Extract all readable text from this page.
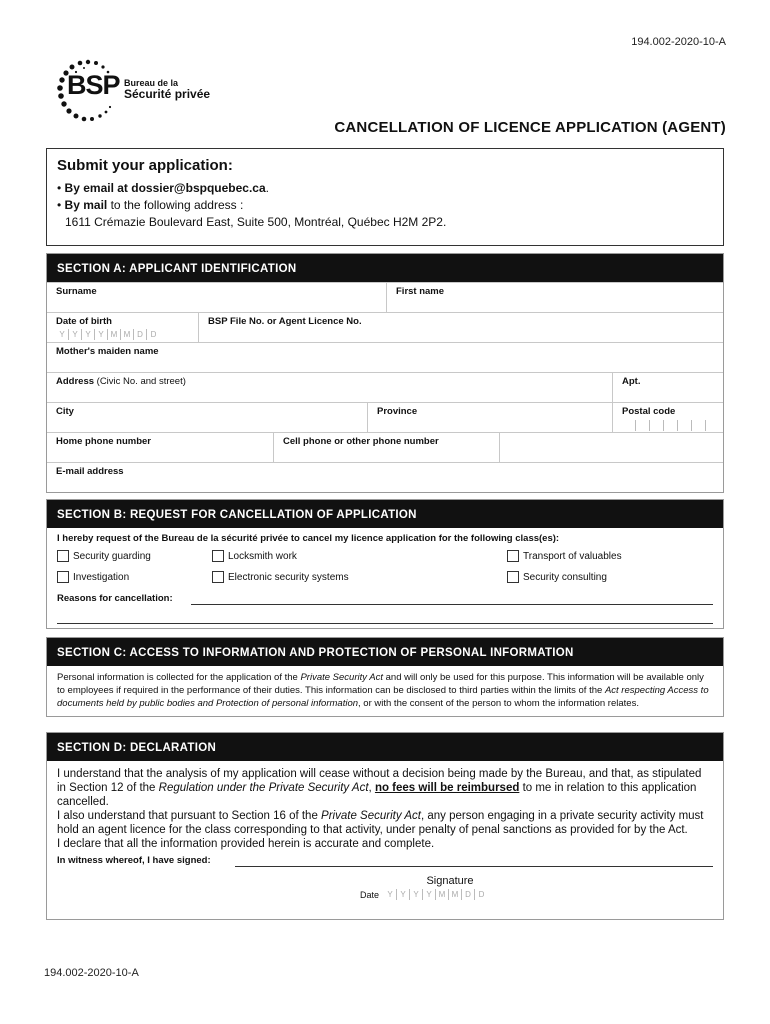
194.002-2020-10-A
BSP Bureau de la
Sécurité privée
CANCELLATION OF LICENCE APPLICATION (AGENT)
Submit your application:
• By email at dossier@bspquebec.ca.
• By mail to the following address :
1611 Crémazie Boulevard East, Suite 500, Montréal, Québec H2M 2P2.
SECTION A: APPLICANT IDENTIFICATION
Surname	First name
Date of birth
Y Y Y Y M M D D
BSP File No. or Agent Licence No.
Mother's maiden name
Address (Civic No. and street)	Apt.
City	Province	Postal code
Home phone number	Cell phone or other phone number
E-mail address
SECTION B: REQUEST FOR CANCELLATION OF APPLICATION
I hereby request of the Bureau de la sécurité privée to cancel my licence application for the following class(es):
Security guarding	Locksmith work	Transport of valuables
Investigation	Electronic security systems	Security consulting
Reasons for cancellation:
SECTION C: ACCESS TO INFORMATION AND PROTECTION OF PERSONAL INFORMATION
Personal information is collected for the application of the Private Security Act and will only be used for this purpose. This information will be available only to employees if required in the performance of their duties. This information can be disclosed to third parties within the limits of the Act respecting Access to documents held by public bodies and Protection of personal information, or with the consent of the person to whom the information relates.
SECTION D: DECLARATION

I understand that the analysis of my application will cease without a decision being made by the Bureau, and that, as stipulated in Section 12 of the Regulation under the Private Security Act, no fees will be reimbursed to me in relation to this application cancelled.

I also understand that pursuant to Section 16 of the Private Security Act, any person engaging in a private security activity must hold an agent licence for the class corresponding to that activity, under penalty of penal sanctions as provided for by the Act.

I declare that all the information provided herein is accurate and complete.

In witness whereof, I have signed:
Signature
Date	Y Y Y Y M M D D
194.002-2020-10-A
